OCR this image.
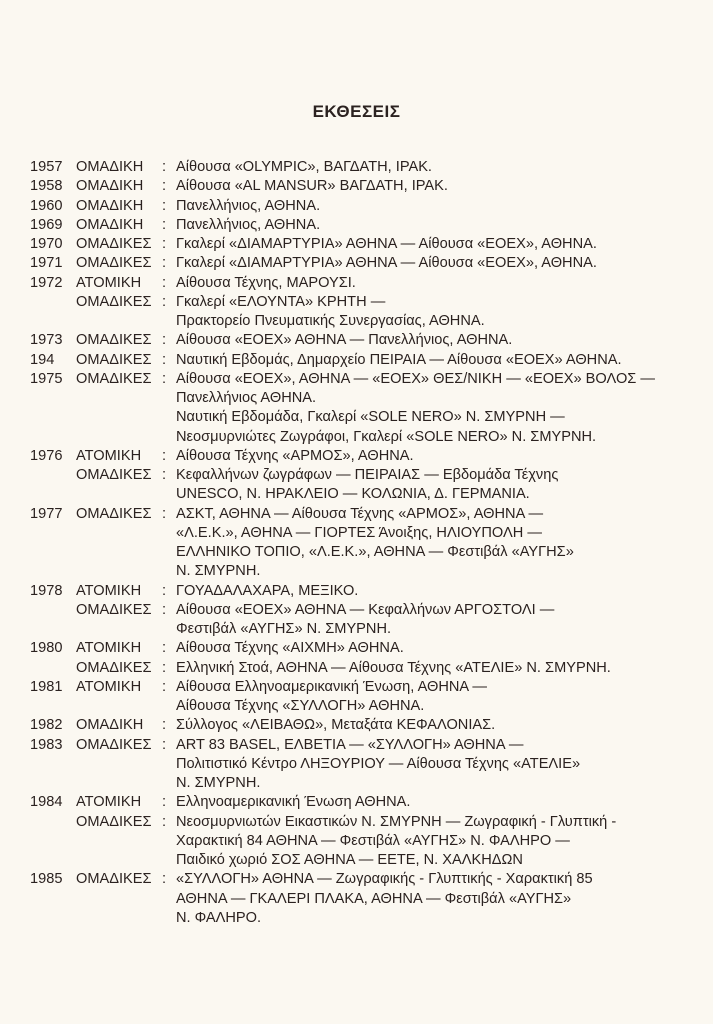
ΕΚΘΕΣΕΙΣ
1957 ΟΜΑΔΙΚΗ	: Αίθουσα «OLYMPIC», ΒΑΓΔΑΤΗ, ΙΡΑΚ.
1958 ΟΜΑΔΙΚΗ	: Αίθουσα «AL MANSUR» ΒΑΓΔΑΤΗ, ΙΡΑΚ.
1960 ΟΜΑΔΙΚΗ	: Πανελλήνιος, ΑΘΗΝΑ.
1969 ΟΜΑΔΙΚΗ	: Πανελλήνιος, ΑΘΗΝΑ.
1970 ΟΜΑΔΙΚΕΣ : Γκαλερί «ΔΙΑΜΑΡΤΥΡΙΑ» ΑΘΗΝΑ — Αίθουσα «ΕΟΕΧ», ΑΘΗΝΑ.
1971 ΟΜΑΔΙΚΕΣ : Γκαλερί «ΔΙΑΜΑΡΤΥΡΙΑ» ΑΘΗΝΑ — Αίθουσα «ΕΟΕΧ», ΑΘΗΝΑ.
1972 ΑΤΟΜΙΚΗ	: Αίθουσα Τέχνης, ΜΑΡΟΥΣΙ.
ΟΜΑΔΙΚΕΣ : Γκαλερί «ΕΛΟΥΝΤΑ» ΚΡΗΤΗ —
Πρακτορείο Πνευματικής Συνεργασίας, ΑΘΗΝΑ.
1973 ΟΜΑΔΙΚΕΣ : Αίθουσα «ΕΟΕΧ» ΑΘΗΝΑ — Πανελλήνιος, ΑΘΗΝΑ.
194	ΟΜΑΔΙΚΕΣ : Ναυτική Εβδομάς, Δημαρχείο ΠΕΙΡΑΙΑ — Αίθουσα «ΕΟΕΧ» ΑΘΗΝΑ.
1975 ΟΜΑΔΙΚΕΣ : Αίθουσα «ΕΟΕΧ», ΑΘΗΝΑ — «ΕΟΕΧ» ΘΕΣ/ΝΙΚΗ — «ΕΟΕΧ» ΒΟΛΟΣ —
Πανελλήνιος ΑΘΗΝΑ.
Ναυτική Εβδομάδα, Γκαλερί «SOLE NERO» Ν. ΣΜΥΡΝΗ —
Νεοσμυρνιώτες Ζωγράφοι, Γκαλερί «SOLE NERO» Ν. ΣΜΥΡΝΗ.
1976 ΑΤΟΜΙΚΗ	: Αίθουσα Τέχνης «ΑΡΜΟΣ», ΑΘΗΝΑ.
ΟΜΑΔΙΚΕΣ : Κεφαλλήνων ζωγράφων — ΠΕΙΡΑΙΑΣ — Εβδομάδα Τέχνης
UNESCO, Ν. ΗΡΑΚΛΕΙΟ — ΚΟΛΩΝΙΑ, Δ. ΓΕΡΜΑΝΙΑ.
1977 ΟΜΑΔΙΚΕΣ : ΑΣΚΤ, ΑΘΗΝΑ — Αίθουσα Τέχνης «ΑΡΜΟΣ», ΑΘΗΝΑ —
«Λ.Ε.Κ.», ΑΘΗΝΑ — ΓΙΟΡΤΕΣ Άνοιξης, ΗΛΙΟΥΠΟΛΗ —
ΕΛΛΗΝΙΚΟ ΤΟΠΙΟ, «Λ.Ε.Κ.», ΑΘΗΝΑ — Φεστιβάλ «ΑΥΓΗΣ»
Ν. ΣΜΥΡΝΗ.
1978 ΑΤΟΜΙΚΗ	: ΓΟΥΑΔΑΛΑΧΑΡΑ, ΜΕΞΙΚΟ.
ΟΜΑΔΙΚΕΣ : Αίθουσα «ΕΟΕΧ» ΑΘΗΝΑ — Κεφαλλήνων ΑΡΓΟΣΤΟΛΙ —
Φεστιβάλ «ΑΥΓΗΣ» Ν. ΣΜΥΡΝΗ.
1980 ΑΤΟΜΙΚΗ	: Αίθουσα Τέχνης «ΑΙΧΜΗ» ΑΘΗΝΑ.
ΟΜΑΔΙΚΕΣ : Ελληνική Στοά, ΑΘΗΝΑ — Αίθουσα Τέχνης «ΑΤΕΛΙΕ» Ν. ΣΜΥΡΝΗ.
1981 ΑΤΟΜΙΚΗ	: Αίθουσα Ελληνοαμερικανική Ένωση, ΑΘΗΝΑ —
Αίθουσα Τέχνης «ΣΥΛΛΟΓΗ» ΑΘΗΝΑ.
1982 ΟΜΑΔΙΚΗ	: Σύλλογος «ΛΕΙΒΑΘΩ», Μεταξάτα ΚΕΦΑΛΟΝΙΑΣ.
1983 ΟΜΑΔΙΚΕΣ : ART 83 BASEL, ΕΛΒΕΤΙΑ — «ΣΥΛΛΟΓΗ» ΑΘΗΝΑ —
Πολιτιστικό Κέντρο ΛΗΞΟΥΡΙΟΥ — Αίθουσα Τέχνης «ΑΤΕΛΙΕ»
Ν. ΣΜΥΡΝΗ.
1984 ΑΤΟΜΙΚΗ	: Ελληνοαμερικανική Ένωση ΑΘΗΝΑ.
ΟΜΑΔΙΚΕΣ : Νεοσμυρνιωτών Εικαστικών Ν. ΣΜΥΡΝΗ — Ζωγραφική - Γλυπτική -
Χαρακτική 84 ΑΘΗΝΑ — Φεστιβάλ «ΑΥΓΗΣ» Ν. ΦΑΛΗΡΟ —
Παιδικό χωριό ΣΟΣ ΑΘΗΝΑ — ΕΕΤΕ, Ν. ΧΑΛΚΗΔΩΝ
1985 ΟΜΑΔΙΚΕΣ : «ΣΥΛΛΟΓΗ» ΑΘΗΝΑ — Ζωγραφικής - Γλυπτικής - Χαρακτική 85
ΑΘΗΝΑ — ΓΚΑΛΕΡΙ ΠΛΑΚΑ, ΑΘΗΝΑ — Φεστιβάλ «ΑΥΓΗΣ»
Ν. ΦΑΛΗΡΟ.
